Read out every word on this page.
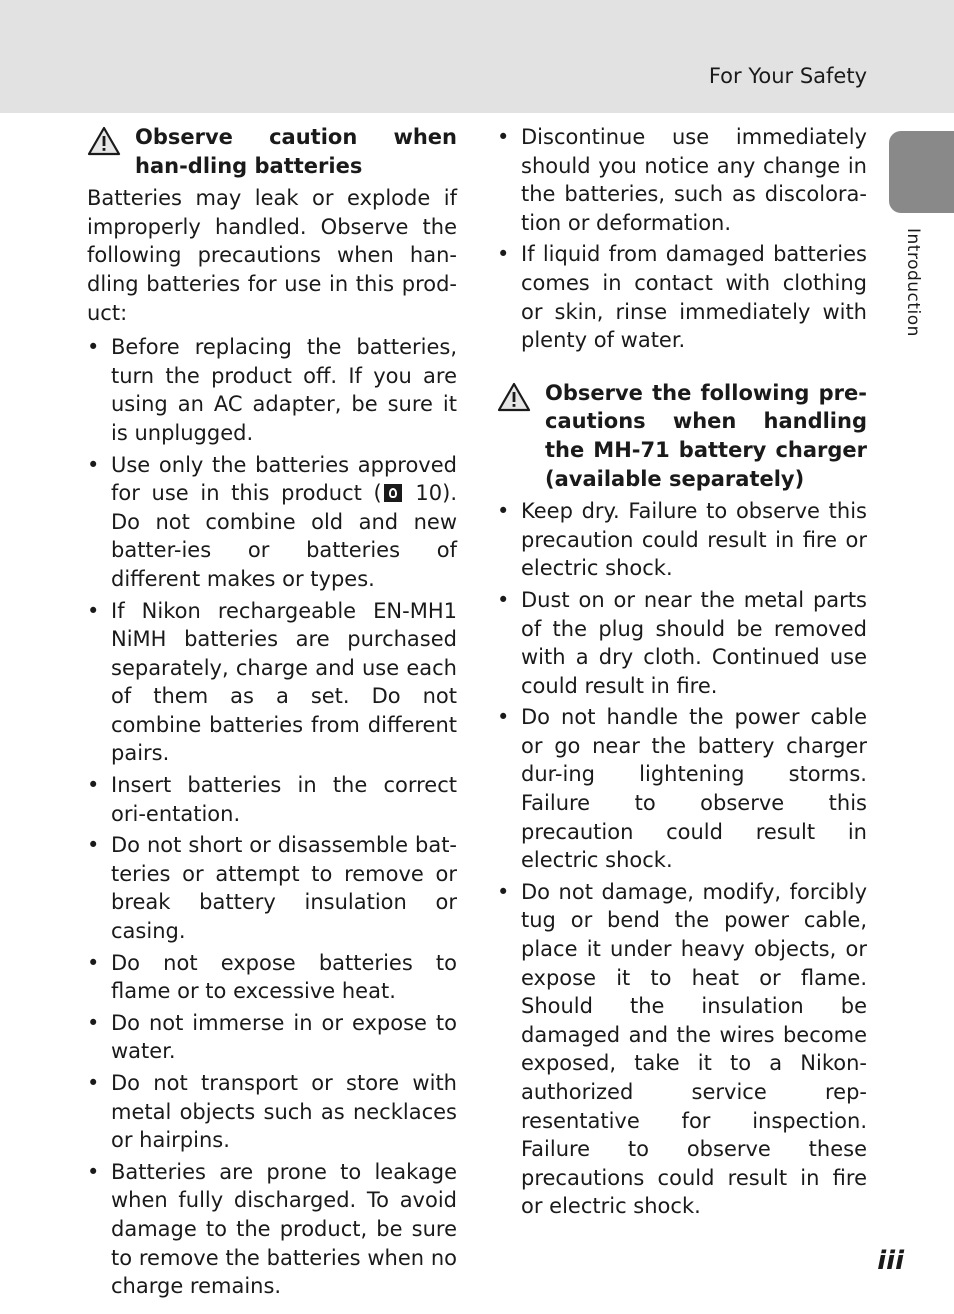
For Your Safety
Introduction
Observe caution when han-dling batteries

Batteries may leak or explode if improperly handled. Observe the following precautions when han-dling batteries for use in this prod-uct:

• Before replacing the batteries, turn the product off. If you are using an AC adapter, be sure it is unplugged.
• Use only the batteries approved for use in this product ( 10). Do not combine old and new batter-ies or batteries of different makes or types.
• If Nikon rechargeable EN-MH1 NiMH batteries are purchased separately, charge and use each of them as a set. Do not combine batteries from different pairs.
• Insert batteries in the correct ori-entation.
• Do not short or disassemble bat-teries or attempt to remove or break battery insulation or casing.
• Do not expose batteries to flame or to excessive heat.
• Do not immerse in or expose to water.
• Do not transport or store with metal objects such as necklaces or hairpins.
• Batteries are prone to leakage when fully discharged. To avoid damage to the product, be sure to remove the batteries when no charge remains.
• Discontinue use immediately should you notice any change in the batteries, such as discolora-tion or deformation.
• If liquid from damaged batteries comes in contact with clothing or skin, rinse immediately with plenty of water.
Observe the following pre-cautions when handling the MH-71 battery charger (available separately)
• Keep dry. Failure to observe this precaution could result in fire or electric shock.
• Dust on or near the metal parts of the plug should be removed with a dry cloth. Continued use could result in fire.
• Do not handle the power cable or go near the battery charger dur-ing lightening storms. Failure to observe this precaution could result in electric shock.
• Do not damage, modify, forcibly tug or bend the power cable, place it under heavy objects, or expose it to heat or flame. Should the insulation be damaged and the wires become exposed, take it to a Nikon-authorized service rep-resentative for inspection. Failure to observe these precautions could result in fire or electric shock.
iii
